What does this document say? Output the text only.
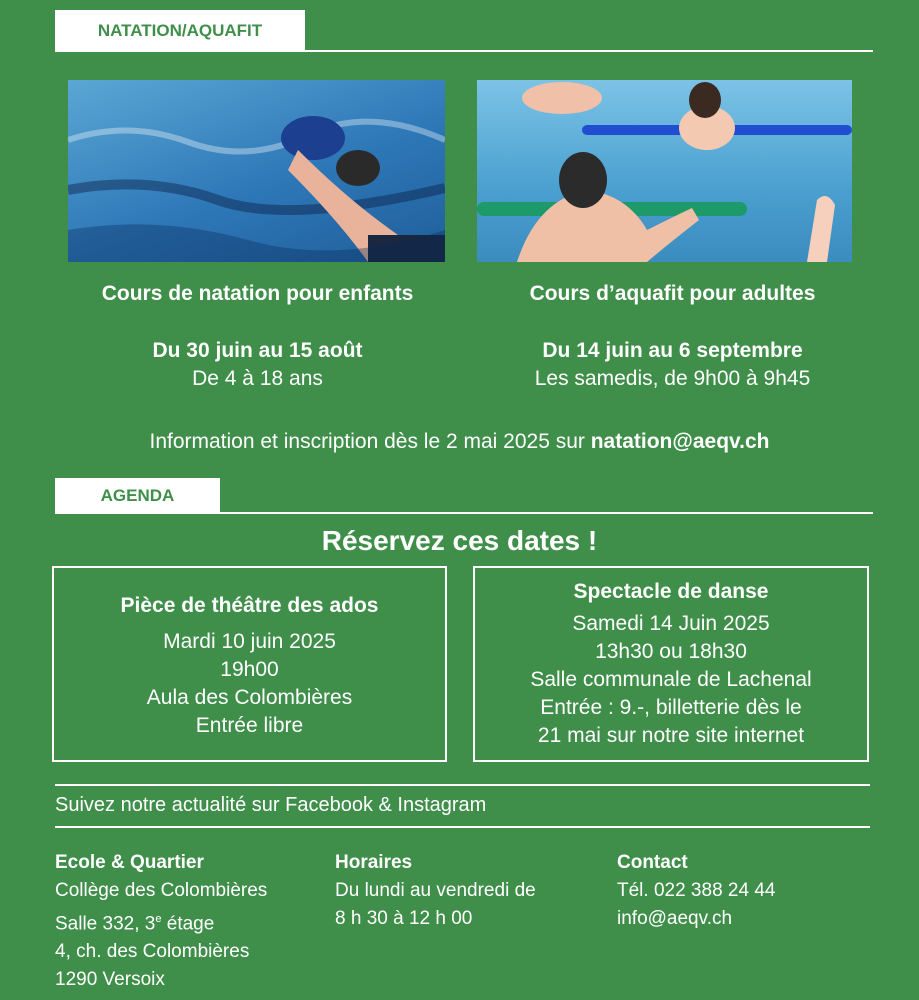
NATATION/AQUAFIT
Cours de natation pour enfants
Du 30 juin au 15 août
De 4 à 18 ans
Cours d’aquafit pour adultes
Du 14 juin au 6 septembre
Les samedis, de 9h00 à 9h45
Information et inscription dès le 2 mai 2025 sur natation@aeqv.ch
AGENDA
Réservez ces dates !
Pièce de théâtre des ados
Mardi 10 juin 2025
19h00
Aula des Colombières
Entrée libre
Spectacle de danse
Samedi 14 Juin 2025
13h30 ou 18h30
Salle communale de Lachenal
Entrée : 9.-, billetterie dès le
21 mai sur notre site internet
Suivez notre actualité sur Facebook & Instagram
Ecole & Quartier
Collège des Colombières
Salle 332, 3e étage
4, ch. des Colombières
1290 Versoix
Horaires
Du lundi au vendredi de
8 h 30 à 12 h 00
Contact
Tél. 022 388 24 44
info@aeqv.ch
